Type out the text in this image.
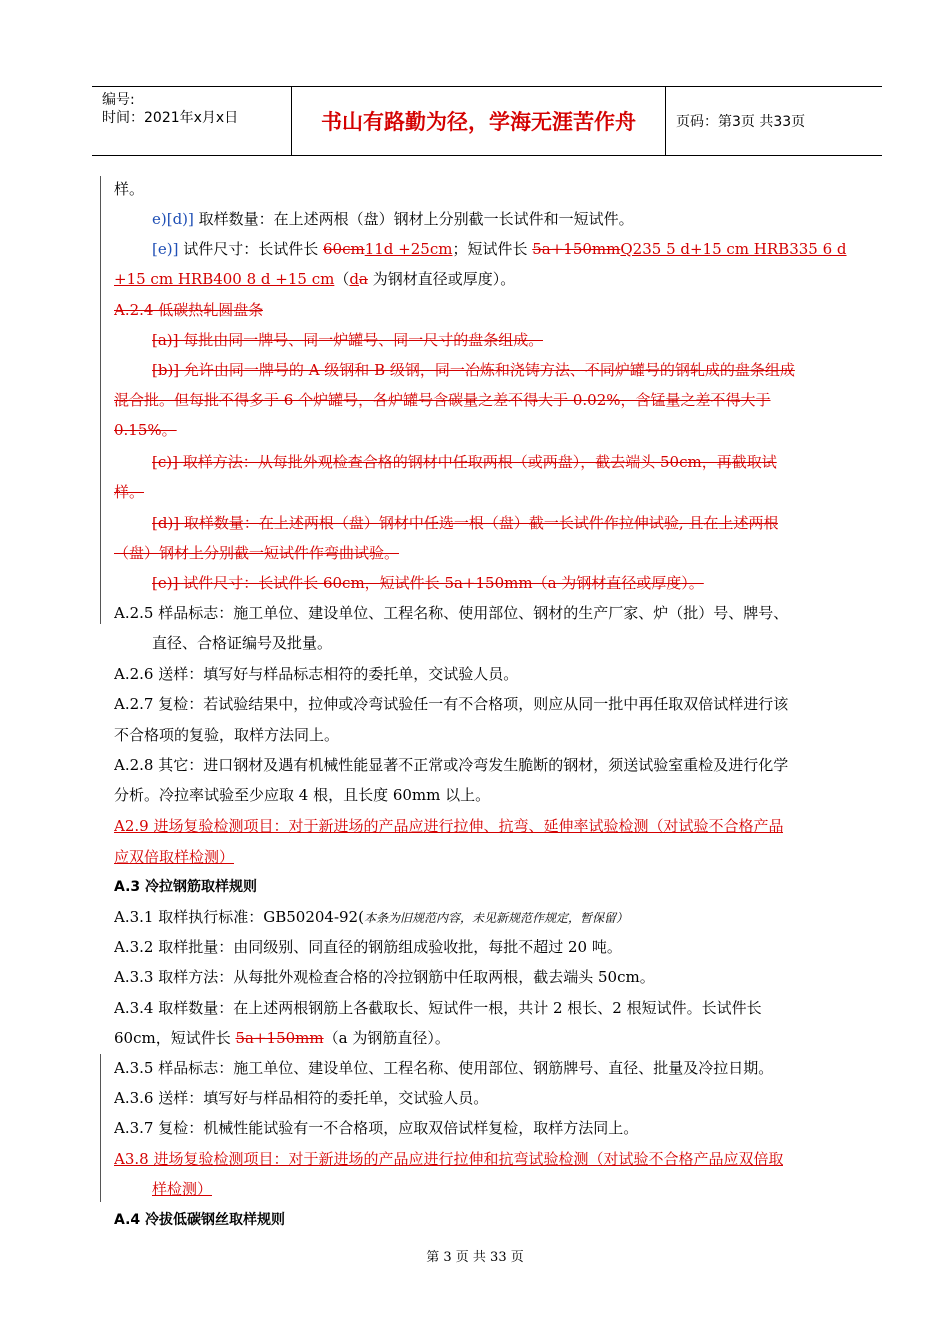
编号:
时间：2021年x月x日	书山有路勤为径，学海无涯苦作舟	页码：第3页 共33页
样。
e)[d)] 取样数量：在上述两根（盘）钢材上分别截一长试件和一短试件。
[e)] 试件尺寸：长试件长 60cm11d +25cm；短试件长 5a+150mmQ235 5 d+15 cm HRB335 6 d
+15 cm HRB400 8 d +15 cm（da 为钢材直径或厚度）。
A.2.4 低碳热轧圆盘条
[a)] 每批由同一牌号、同一炉罐号、同一尺寸的盘条组成。
[b)] 允许由同一牌号的 A 级钢和 B 级钢，同一冶炼和浇铸方法、不同炉罐号的钢轧成的盘条组成
混合批。但每批不得多于 6 个炉罐号，各炉罐号含碳量之差不得大于 0.02%，含锰量之差不得大于
0.15%。
[c)] 取样方法：从每批外观检查合格的钢材中任取两根（或两盘），截去端头 50cm，再截取试
样。
[d)] 取样数量：在上述两根（盘）钢材中任选一根（盘）截一长试件作拉伸试验, 且在上述两根
（盘）钢材上分别截一短试件作弯曲试验。
[e)] 试件尺寸：长试件长 60cm，短试件长 5a+150mm（a 为钢材直径或厚度）。
A.2.5 样品标志：施工单位、建设单位、工程名称、使用部位、钢材的生产厂家、炉（批）号、牌号、
直径、合格证编号及批量。
A.2.6 送样：填写好与样品标志相符的委托单，交试验人员。
A.2.7 复检：若试验结果中，拉伸或冷弯试验任一有不合格项，则应从同一批中再任取双倍试样进行该
不合格项的复验，取样方法同上。
A.2.8 其它：进口钢材及遇有机械性能显著不正常或冷弯发生脆断的钢材，须送试验室重检及进行化学
分析。冷拉率试验至少应取 4 根，且长度 60mm 以上。
A2.9 进场复验检测项目：对于新进场的产品应进行拉伸、抗弯、延伸率试验检测（对试验不合格产品
应双倍取样检测）
A.3 冷拉钢筋取样规则
A.3.1 取样执行标准：GB50204-92(本条为旧规范内容，未见新规范作规定，暂保留）
A.3.2 取样批量：由同级别、同直径的钢筋组成验收批，每批不超过 20 吨。
A.3.3 取样方法：从每批外观检查合格的冷拉钢筋中任取两根，截去端头 50cm。
A.3.4 取样数量：在上述两根钢筋上各截取长、短试件一根，共计 2 根长、2 根短试件。长试件长
60cm，短试件长 5a+150mm（a 为钢筋直径）。
A.3.5 样品标志：施工单位、建设单位、工程名称、使用部位、钢筋牌号、直径、批量及冷拉日期。
A.3.6 送样：填写好与样品相符的委托单，交试验人员。
A.3.7 复检：机械性能试验有一不合格项，应取双倍试样复检，取样方法同上。
A3.8 进场复验检测项目：对于新进场的产品应进行拉伸和抗弯试验检测（对试验不合格产品应双倍取
样检测）
A.4 冷拔低碳钢丝取样规则
第 3 页 共 33 页
